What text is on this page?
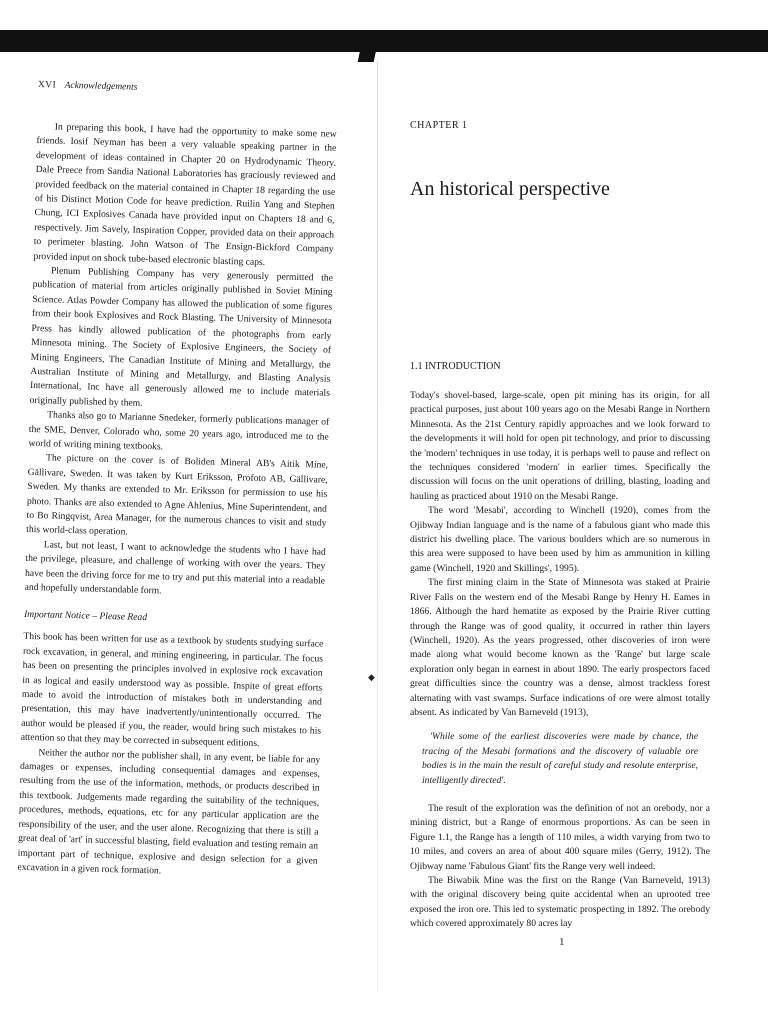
XVI Acknowledgements

In preparing this book, I have had the opportunity to make some new friends. Iosif Neyman has been a very valuable speaking partner in the development of ideas contained in Chapter 20 on Hydrodynamic Theory. Dale Preece from Sandia National Laboratories has graciously reviewed and provided feedback on the material contained in Chapter 18 regarding the use of his Distinct Motion Code for heave prediction. Ruilin Yang and Stephen Chung, ICI Explosives Canada have provided input on Chapters 18 and 6, respectively. Jim Savely, Inspiration Copper, provided data on their approach to perimeter blasting. John Watson of The Ensign-Bickford Company provided input on shock tube-based electronic blasting caps.

Plenum Publishing Company has very generously permitted the publication of material from articles originally published in Soviet Mining Science. Atlas Powder Company has allowed the publication of some figures from their book Explosives and Rock Blasting. The University of Minnesota Press has kindly allowed publication of the photographs from early Minnesota mining. The Society of Explosive Engineers, the Society of Mining Engineers, The Canadian Institute of Mining and Metallurgy, the Australian Institute of Mining and Metallurgy, and Blasting Analysis International, Inc have all generously allowed me to include materials originally published by them.

Thanks also go to Marianne Snedeker, formerly publications manager of the SME, Denver, Colorado who, some 20 years ago, introduced me to the world of writing mining textbooks.

The picture on the cover is of Boliden Mineral AB's Aitik Mine, Gällivare, Sweden. It was taken by Kurt Eriksson, Profoto AB, Gällivare, Sweden. My thanks are extended to Mr. Eriksson for permission to use his photo. Thanks are also extended to Agne Ahlenius, Mine Superintendent, and to Bo Ringqvist, Area Manager, for the numerous chances to visit and study this world-class operation.

Last, but not least, I want to acknowledge the students who I have had the privilege, pleasure, and challenge of working with over the years. They have been the driving force for me to try and put this material into a readable and hopefully understandable form.

Important Notice – Please Read

This book has been written for use as a textbook by students studying surface rock excavation, in general, and mining engineering, in particular. The focus has been on presenting the principles involved in explosive rock excavation in as logical and easily understood way as possible. Inspite of great efforts made to avoid the introduction of mistakes both in understanding and presentation, this may have inadvertently/unintentionally occurred. The author would be pleased if you, the reader, would bring such mistakes to his attention so that they may be corrected in subsequent editions.

Neither the author nor the publisher shall, in any event, be liable for any damages or expenses, including consequential damages and expenses, resulting from the use of the information, methods, or products described in this textbook. Judgements made regarding the suitability of the techniques, procedures, methods, equations, etc for any particular application are the responsibility of the user, and the user alone. Recognizing that there is still a great deal of 'art' in successful blasting, field evaluation and testing remain an important part of technique, explosive and design selection for a given excavation in a given rock formation.

◆
CHAPTER 1
An historical perspective
1.1 INTRODUCTION

Today's shovel-based, large-scale, open pit mining has its origin, for all practical purposes, just about 100 years ago on the Mesabi Range in Northern Minnesota. As the 21st Century rapidly approaches and we look forward to the developments it will hold for open pit technology, and prior to discussing the 'modern' techniques in use today, it is perhaps well to pause and reflect on the techniques considered 'modern' in earlier times. Specifically the discussion will focus on the unit operations of drilling, blasting, loading and hauling as practiced about 1910 on the Mesabi Range.

The word 'Mesabi', according to Winchell (1920), comes from the Ojibway Indian language and is the name of a fabulous giant who made this district his dwelling place. The various boulders which are so numerous in this area were supposed to have been used by him as ammunition in killing game (Winchell, 1920 and Skillings', 1995).

The first mining claim in the State of Minnesota was staked at Prairie River Falls on the western end of the Mesabi Range by Henry H. Eames in 1866. Although the hard hematite as exposed by the Prairie River cutting through the Range was of good quality, it occurred in rather thin layers (Winchell, 1920). As the years progressed, other discoveries of iron were made along what would become known as the 'Range' but large scale exploration only began in earnest in about 1890. The early prospectors faced great difficulties since the country was a dense, almost trackless forest alternating with vast swamps. Surface indications of ore were almost totally absent. As indicated by Van Barneveld (1913),

'While some of the earliest discoveries were made by chance, the tracing of the Mesabi formations and the discovery of valuable ore bodies is in the main the result of careful study and resolute enterprise, intelligently directed'.

The result of the exploration was the definition of not an orebody, nor a mining district, but a Range of enormous proportions. As can be seen in Figure 1.1, the Range has a length of 110 miles, a width varying from two to 10 miles, and covers an area of about 400 square miles (Gerry, 1912). The Ojibway name 'Fabulous Giant' fits the Range very well indeed.

The Biwabik Mine was the first on the Range (Van Barneveld, 1913) with the original discovery being quite accidental when an uprooted tree exposed the iron ore. This led to systematic prospecting in 1892. The orebody which covered approximately 80 acres lay

1
